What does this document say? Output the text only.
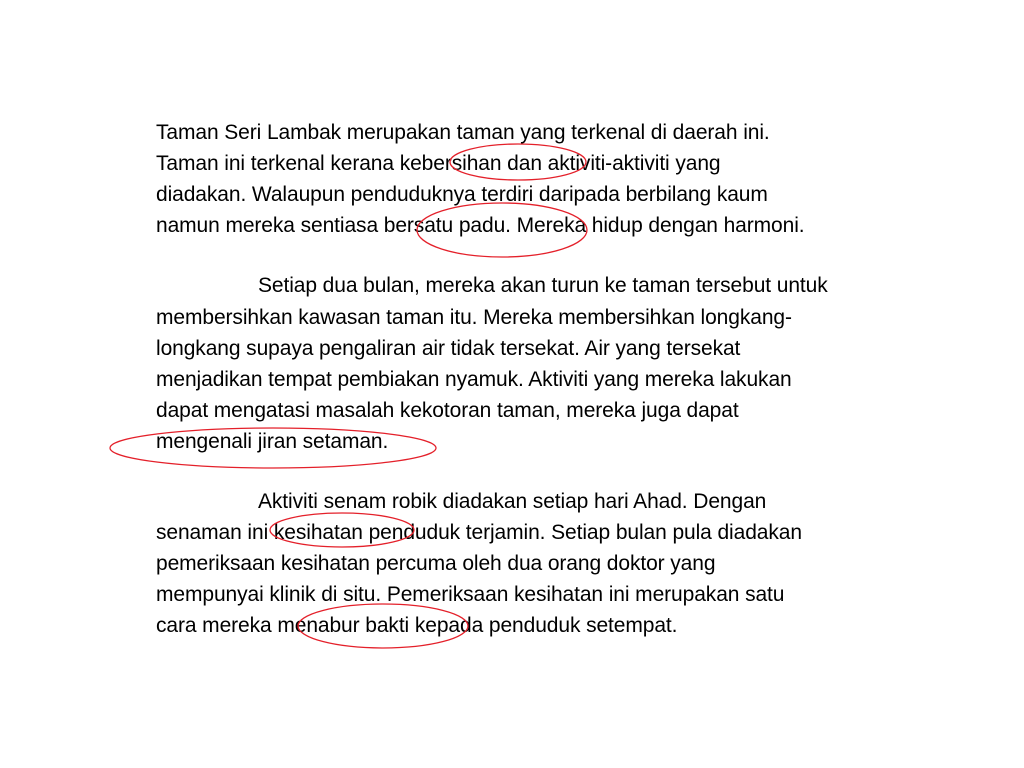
Taman Seri Lambak merupakan taman yang terkenal di daerah ini.
Taman ini terkenal kerana kebersihan dan aktiviti-aktiviti yang
diadakan. Walaupun penduduknya terdiri daripada berbilang kaum
namun mereka sentiasa bersatu padu. Mereka hidup dengan harmoni.
Setiap dua bulan, mereka akan turun ke taman tersebut untuk
membersihkan kawasan taman itu. Mereka membersihkan longkang-
longkang supaya pengaliran air tidak tersekat. Air yang tersekat
menjadikan tempat pembiakan nyamuk. Aktiviti yang mereka lakukan
dapat mengatasi masalah kekotoran taman, mereka juga dapat
mengenali jiran setaman.
Aktiviti senam robik diadakan setiap hari Ahad. Dengan
senaman ini kesihatan penduduk terjamin. Setiap bulan pula diadakan
pemeriksaan kesihatan percuma oleh dua orang doktor yang
mempunyai klinik di situ. Pemeriksaan kesihatan ini merupakan satu
cara mereka menabur bakti kepada penduduk setempat.
